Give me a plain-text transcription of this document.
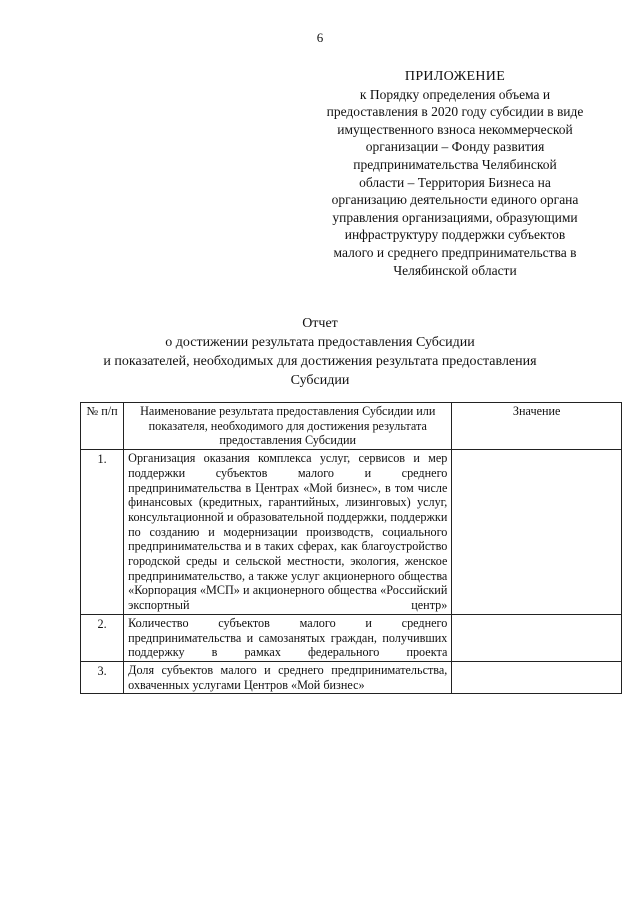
6
ПРИЛОЖЕНИЕ
к Порядку определения объема и
предоставления в 2020 году субсидии в виде
имущественного взноса некоммерческой
организации – Фонду развития
предпринимательства Челябинской
области – Территория Бизнеса на
организацию деятельности единого органа
управления организациями, образующими
инфраструктуру поддержки субъектов
малого и среднего предпринимательства в
Челябинской области
Отчет
о достижении результата предоставления Субсидии
и показателей, необходимых для достижения результата предоставления
Субсидии
№ п/п	Наименование результата предоставления Субсидии или показателя, необходимого для достижения результата предоставления Субсидии	Значение
1.	Организация оказания комплекса услуг, сервисов и мер поддержки субъектов малого и среднего предпринимательства в Центрах «Мой бизнес», в том числе финансовых (кредитных, гарантийных, лизинговых) услуг, консультационной и образовательной поддержки, поддержки по созданию и модернизации производств, социального предпринимательства и в таких сферах, как благоустройство городской среды и сельской местности, экология, женское предпринимательство, а также услуг акционерного общества «Корпорация «МСП» и акционерного общества «Российский экспортный центр»	
2.	Количество субъектов малого и среднего предпринимательства и самозанятых граждан, получивших поддержку в рамках федерального проекта	
3.	Доля субъектов малого и среднего предпринимательства, охваченных услугами Центров «Мой бизнес»	
